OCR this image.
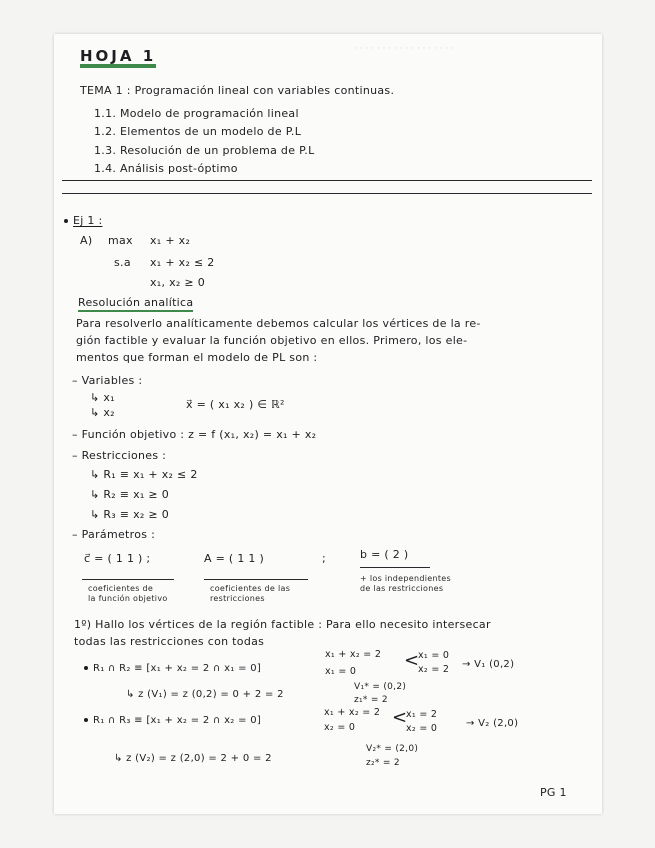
· · · · · · · · · · · · · · · · · ·
HOJA 1
TEMA 1 : Programación lineal con variables continuas.
1.1. Modelo de programación lineal
1.2. Elementos de un modelo de P.L
1.3. Resolución de un problema de P.L
1.4. Análisis post-óptimo
Ej 1 :
A) max x₁ + x₂
s.a x₁ + x₂ ≤ 2
x₁, x₂ ≥ 0
Resolución analítica
Para resolverlo analíticamente debemos calcular los vértices de la re-
gión factible y evaluar la función objetivo en ellos. Primero, los ele-
mentos que forman el modelo de PL son :
– Variables :
↳ x₁
↳ x₂
x⃗ = ( x₁ x₂ ) ∈ ℝ²
– Función objetivo : z = f (x₁, x₂) = x₁ + x₂
– Restricciones :
↳ R₁ ≡ x₁ + x₂ ≤ 2
↳ R₂ ≡ x₁ ≥ 0
↳ R₃ ≡ x₂ ≥ 0
– Parámetros :
c⃗ = ( 1 1 ) ;	A = ( 1 1 )	;	b = ( 2 )
coeficientes de
la función objetivo
coeficientes de las
restricciones
+ los independientes
de las restricciones
1º) Hallo los vértices de la región factible : Para ello necesito intersecar
todas las restricciones con todas
R₁ ∩ R₂ ≡ [x₁ + x₂ = 2 ∩ x₁ = 0]
x₁ + x₂ = 2
x₁ = 0
<
x₁ = 0
x₂ = 2 → V₁ (0,2)
↳ z (V₁) = z (0,2) = 0 + 2 = 2
V₁* = (0,2)
z₁* = 2
R₁ ∩ R₃ ≡ [x₁ + x₂ = 2 ∩ x₂ = 0]
x₁ + x₂ = 2
x₂ = 0 <
x₁ = 2
x₂ = 0	→ V₂ (2,0)
↳ z (V₂) = z (2,0) = 2 + 0 = 2
V₂* = (2,0)
z₂* = 2
PG 1
